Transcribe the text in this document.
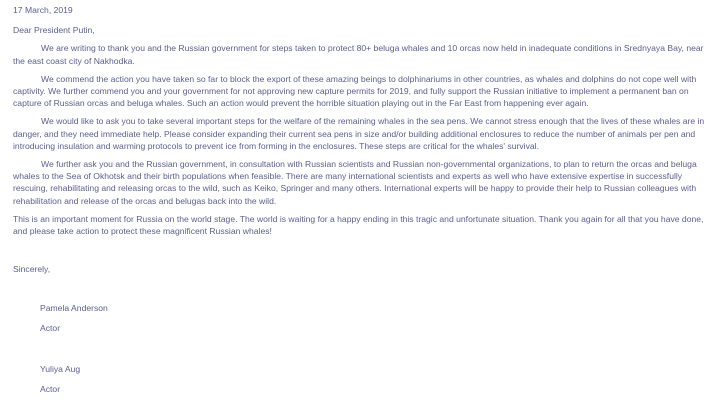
17 March, 2019

Dear President Putin,

We are writing to thank you and the Russian government for steps taken to protect 80+ beluga whales and 10 orcas now held in inadequate conditions in Srednyaya Bay, near the east coast city of Nakhodka.

We commend the action you have taken so far to block the export of these amazing beings to dolphinariums in other countries, as whales and dolphins do not cope well with captivity. We further commend you and your government for not approving new capture permits for 2019, and fully support the Russian initiative to implement a permanent ban on capture of Russian orcas and beluga whales. Such an action would prevent the horrible situation playing out in the Far East from happening ever again.

We would like to ask you to take several important steps for the welfare of the remaining whales in the sea pens. We cannot stress enough that the lives of these whales are in danger, and they need immediate help. Please consider expanding their current sea pens in size and/or building additional enclosures to reduce the number of animals per pen and introducing insulation and warming protocols to prevent ice from forming in the enclosures. These steps are critical for the whales' survival.

We further ask you and the Russian government, in consultation with Russian scientists and Russian non-governmental organizations, to plan to return the orcas and beluga whales to the Sea of Okhotsk and their birth populations when feasible. There are many international scientists and experts as well who have extensive expertise in successfully rescuing, rehabilitating and releasing orcas to the wild, such as Keiko, Springer and many others. International experts will be happy to provide their help to Russian colleagues with rehabilitation and release of the orcas and belugas back into the wild.

This is an important moment for Russia on the world stage. The world is waiting for a happy ending in this tragic and unfortunate situation. Thank you again for all that you have done, and please take action to protect these magnificent Russian whales!

Sincerely,
Pamela Anderson
Actor
Yuliya Aug
Actor
